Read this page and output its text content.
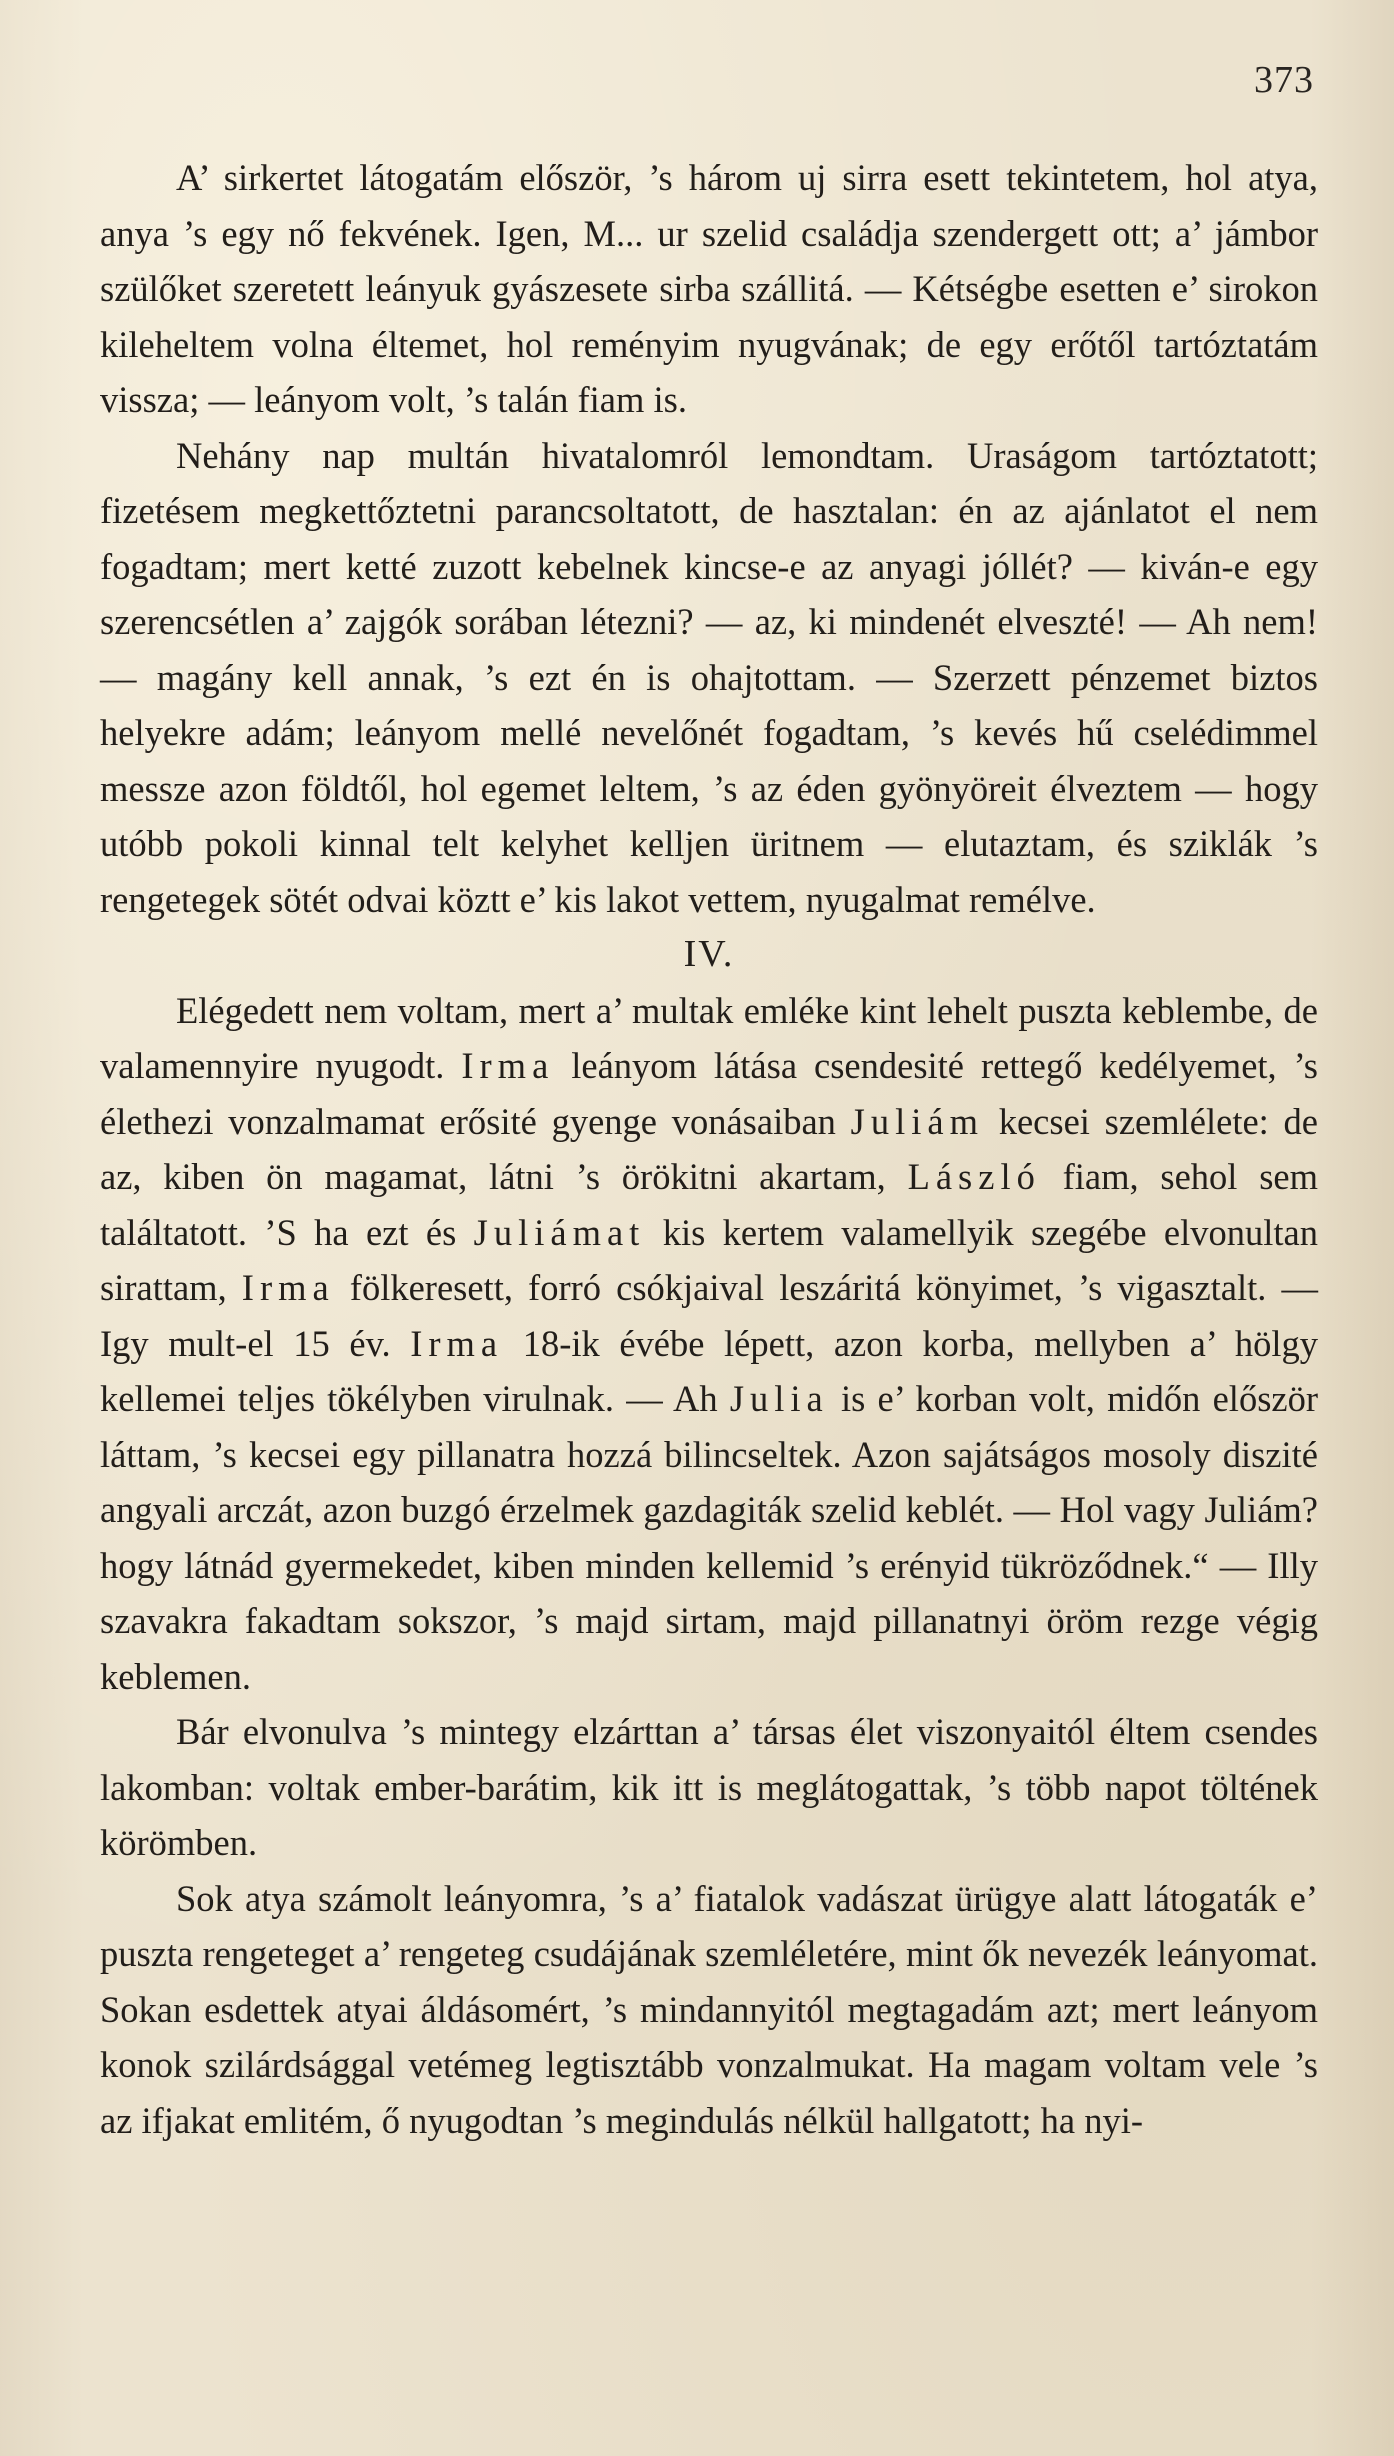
373

A’ sirkertet látogatám először, ’s három uj sirra esett tekintetem, hol atya, anya ’s egy nő fekvének. Igen, M... ur szelid családja szendergett ott; a’ jámbor szülőket szeretett leányuk gyászesete sirba szállitá. — Kétségbe esetten e’ sirokon kileheltem volna éltemet, hol reményim nyugvának; de egy erőtől tartóztatám vissza; — leányom volt, ’s talán fiam is.

Nehány nap multán hivatalomról lemondtam. Uraságom tartóztatott; fizetésem megkettőztetni parancsoltatott, de hasztalan: én az ajánlatot el nem fogadtam; mert ketté zuzott kebelnek kincse-e az anyagi jóllét? — kiván-e egy szerencsétlen a’ zajgók sorában létezni? — az, ki mindenét elveszté! — Ah nem! — magány kell annak, ’s ezt én is ohajtottam. — Szerzett pénzemet biztos helyekre adám; leányom mellé nevelőnét fogadtam, ’s kevés hű cselédimmel messze azon földtől, hol egemet leltem, ’s az éden gyönyöreit élveztem — hogy utóbb pokoli kinnal telt kelyhet kelljen üritnem — elutaztam, és sziklák ’s rengetegek sötét odvai köztt e’ kis lakot vettem, nyugalmat remélve.

IV.

Elégedett nem voltam, mert a’ multak emléke kint lehelt puszta keblembe, de valamennyire nyugodt. Irma leányom látása csendesité rettegő kedélyemet, ’s élethezi vonzalmamat erősité gyenge vonásaiban Juliám kecsei szemlélete: de az, kiben ön magamat, látni ’s örökitni akartam, László fiam, sehol sem találtatott. ’S ha ezt és Juliámat kis kertem valamellyik szegébe elvonultan sirattam, Irma fölkeresett, forró csókjaival leszáritá könyimet, ’s vigasztalt. — Igy mult-el 15 év. Irma 18-ik évébe lépett, azon korba, mellyben a’ hölgy kellemei teljes tökélyben virulnak. — Ah Julia is e’ korban volt, midőn először láttam, ’s kecsei egy pillanatra hozzá bilincseltek. Azon sajátságos mosoly diszité angyali arczát, azon buzgó érzelmek gazdagiták szelid keblét. — Hol vagy Juliám? hogy látnád gyermekedet, kiben minden kellemid ’s erényid tükröződnek.“ — Illy szavakra fakadtam sokszor, ’s majd sirtam, majd pillanatnyi öröm rezge végig keblemen.

Bár elvonulva ’s mintegy elzárttan a’ társas élet viszonyaitól éltem csendes lakomban: voltak ember-barátim, kik itt is meglátogattak, ’s több napot töltének körömben.

Sok atya számolt leányomra, ’s a’ fiatalok vadászat ürügye alatt látogaták e’ puszta rengeteget a’ rengeteg csudájának szemléletére, mint ők nevezék leányomat. Sokan esdettek atyai áldásomért, ’s mindannyitól megtagadám azt; mert leányom konok szilárdsággal vetémeg legtisztább vonzalmukat. Ha magam voltam vele ’s az ifjakat emlitém, ő nyugodtan ’s megindulás nélkül hallgatott; ha nyi-
